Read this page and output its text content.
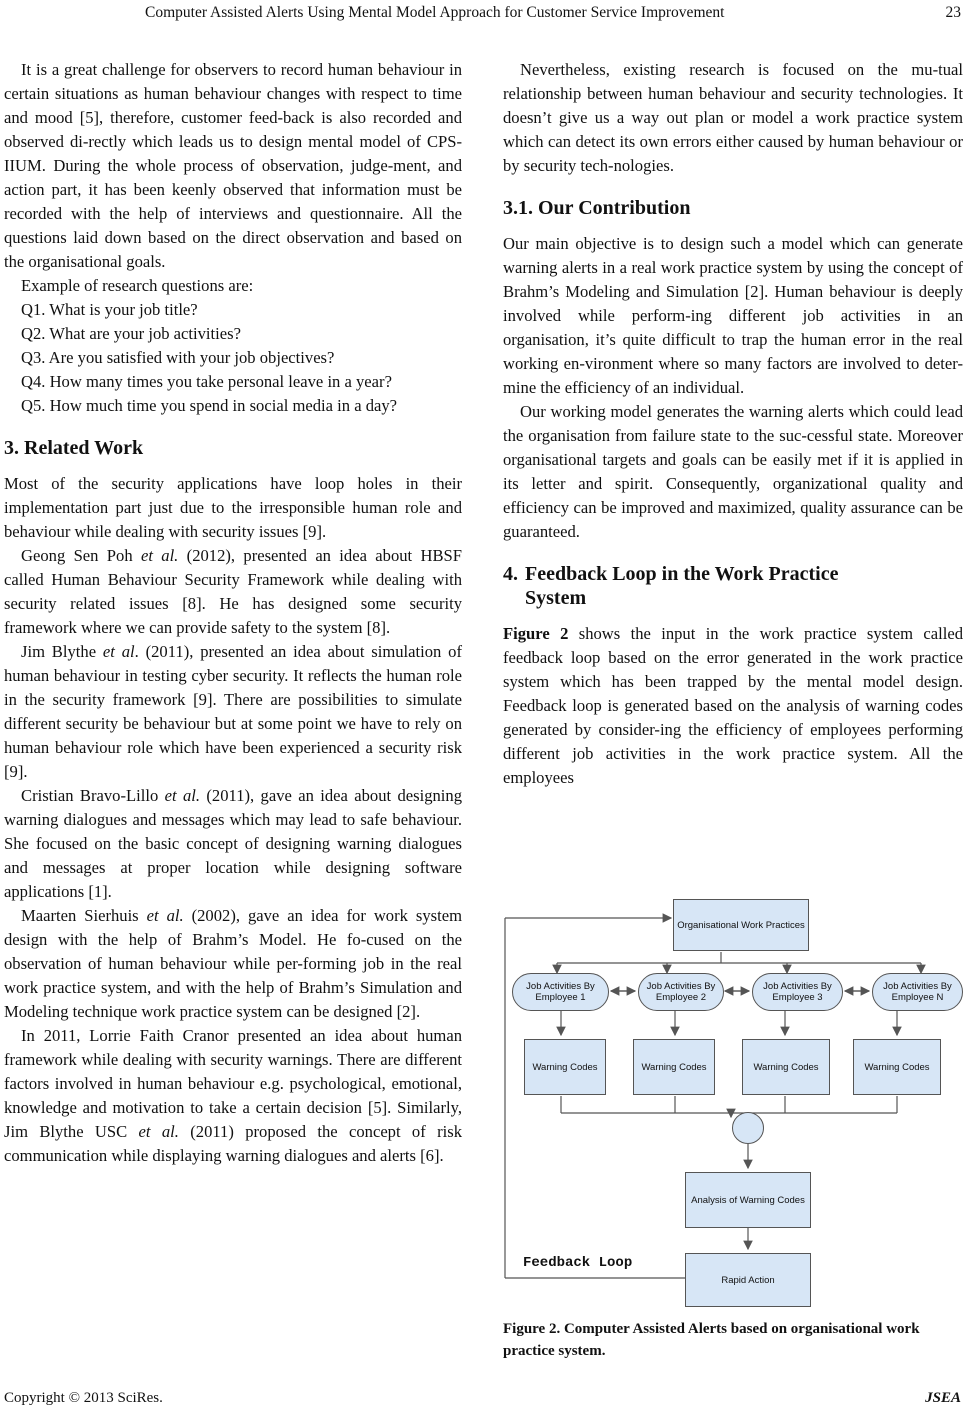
Computer Assisted Alerts Using Mental Model Approach for Customer Service Improvement	23

It is a great challenge for observers to record human behaviour in certain situations as human behaviour changes with respect to time and mood [5], therefore, customer feed-back is also recorded and observed di-rectly which leads us to design mental model of CPS-IIUM. During the whole process of observation, judge-ment, and action part, it has been keenly observed that information must be recorded with the help of interviews and questionnaire. All the questions laid down based on the direct observation and based on the organisational goals.

Example of research questions are:

Q1. What is your job title?

Q2. What are your job activities?

Q3. Are you satisfied with your job objectives?

Q4. How many times you take personal leave in a year?

Q5. How much time you spend in social media in a day?

3. Related Work

Most of the security applications have loop holes in their implementation part just due to the irresponsible human role and behaviour while dealing with security issues [9].

Geong Sen Poh et al. (2012), presented an idea about HBSF called Human Behaviour Security Framework while dealing with security related issues [8]. He has designed some security framework where we can provide safety to the system [8].

Jim Blythe et al. (2011), presented an idea about simulation of human behaviour in testing cyber security. It reflects the human role in the security framework [9]. There are possibilities to simulate different security be behaviour but at some point we have to rely on human behaviour role which have been experienced a security risk [9].

Cristian Bravo-Lillo et al. (2011), gave an idea about designing warning dialogues and messages which may lead to safe behaviour. She focused on the basic concept of designing warning dialogues and messages at proper location while designing software applications [1].

Maarten Sierhuis et al. (2002), gave an idea for work system design with the help of Brahm’s Model. He fo-cused on the observation of human behaviour while per-forming job in the real work practice system, and with the help of Brahm’s Simulation and Modeling technique work practice system can be designed [2].

In 2011, Lorrie Faith Cranor presented an idea about human framework while dealing with security warnings. There are different factors involved in human behaviour e.g. psychological, emotional, knowledge and motivation to take a certain decision [5]. Similarly, Jim Blythe USC et al. (2011) proposed the concept of risk communication while displaying warning dialogues and alerts [6].

Nevertheless, existing research is focused on the mu-tual relationship between human behaviour and security technologies. It doesn’t give us a way out plan or model a work practice system which can detect its own errors either caused by human behaviour or by security tech-nologies.

3.1. Our Contribution

Our main objective is to design such a model which can generate warning alerts in a real work practice system by using the concept of Brahm’s Modeling and Simulation [2]. Human behaviour is deeply involved while perform-ing different job activities in an organisation, it’s quite difficult to trap the human error in the real working en-vironment where so many factors are involved to deter-mine the efficiency of an individual.

Our working model generates the warning alerts which could lead the organisation from failure state to the suc-cessful state. Moreover organisational targets and goals can be easily met if it is applied in its letter and spirit. Consequently, organizational quality and efficiency can be improved and maximized, quality assurance can be guaranteed.

4. Feedback Loop in the Work Practice
System

Figure 2 shows the input in the work practice system called feedback loop based on the error generated in the work practice system which has been trapped by the mental model design. Feedback loop is generated based on the analysis of warning codes generated by consider-ing the efficiency of employees performing different job activities in the work practice system. All the employees

Organisational Work Practices
Job Activities By Employee 1
Job Activities By Employee 2
Job Activities By Employee 3
Job Activities By Employee N
Warning Codes	Warning Codes	Warning Codes	Warning Codes
Analysis of Warning Codes
Rapid Action
Feedback Loop
Figure 2. Computer Assisted Alerts based on organisational work practice system.
Copyright © 2013 SciRes.	JSEA
